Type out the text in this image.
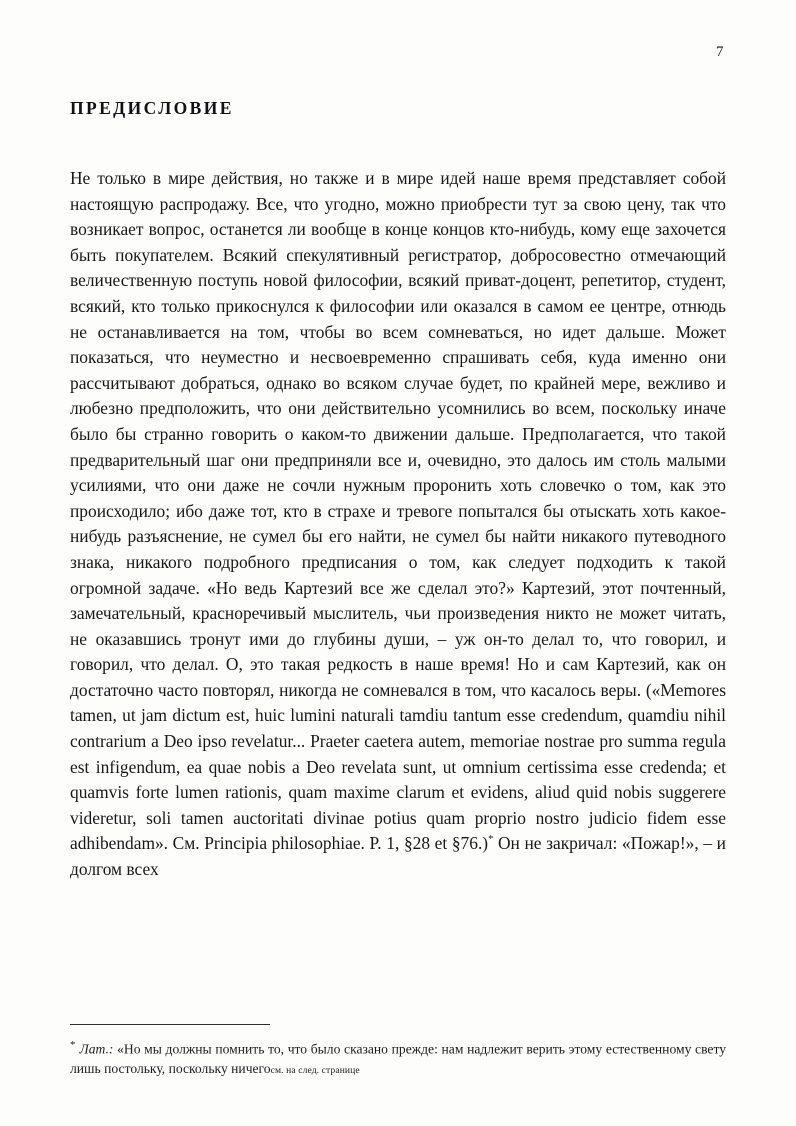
7
ПРЕДИСЛОВИЕ

Не только в мире действия, но также и в мире идей наше время представляет собой настоящую распродажу. Все, что угодно, можно приобрести тут за свою цену, так что возникает вопрос, останется ли вообще в конце концов кто-нибудь, кому еще захочется быть покупателем. Всякий спекулятивный регистратор, добросовестно отмечающий величественную поступь новой философии, всякий приват-доцент, репетитор, студент, всякий, кто только прикоснулся к философии или оказался в самом ее центре, отнюдь не останавливается на том, чтобы во всем сомневаться, но идет дальше. Может показаться, что неуместно и несвоевременно спрашивать себя, куда именно они рассчитывают добраться, однако во всяком случае будет, по крайней мере, вежливо и любезно предположить, что они действительно усомнились во всем, поскольку иначе было бы странно говорить о каком-то движении дальше. Предполагается, что такой предварительный шаг они предприняли все и, очевидно, это далось им столь малыми усилиями, что они даже не сочли нужным проронить хоть словечко о том, как это происходило; ибо даже тот, кто в страхе и тревоге попытался бы отыскать хоть какое-нибудь разъяснение, не сумел бы его найти, не сумел бы найти никакого путеводного знака, никакого подробного предписания о том, как следует подходить к такой огромной задаче. «Но ведь Картезий все же сделал это?» Картезий, этот почтенный, замечательный, красноречивый мыслитель, чьи произведения никто не может читать, не оказавшись тронут ими до глубины души, – уж он-то делал то, что говорил, и говорил, что делал. О, это такая редкость в наше время! Но и сам Картезий, как он достаточно часто повторял, никогда не сомневался в том, что касалось веры. («Memores tamen, ut jam dictum est, huic lumini naturali tamdiu tantum esse credendum, quamdiu nihil contrarium a Deo ipso revelatur... Praeter caetera autem, memoriae nostrae pro summa regula est infigendum, ea quae nobis a Deo revelata sunt, ut omnium certissima esse credenda; et quamvis forte lumen rationis, quam maxime clarum et evidens, aliud quid nobis suggerere videretur, soli tamen auctoritati divinae potius quam proprio nostro judicio fidem esse adhibendam». См. Principia philosophiae. P. 1, §28 et §76.)* Он не закричал: «Пожар!», – и долгом всех

* Лат.: «Но мы должны помнить то, что было сказано прежде: нам надлежит верить этому естественному свету лишь постольку, поскольку ничегосм. на след. странице
